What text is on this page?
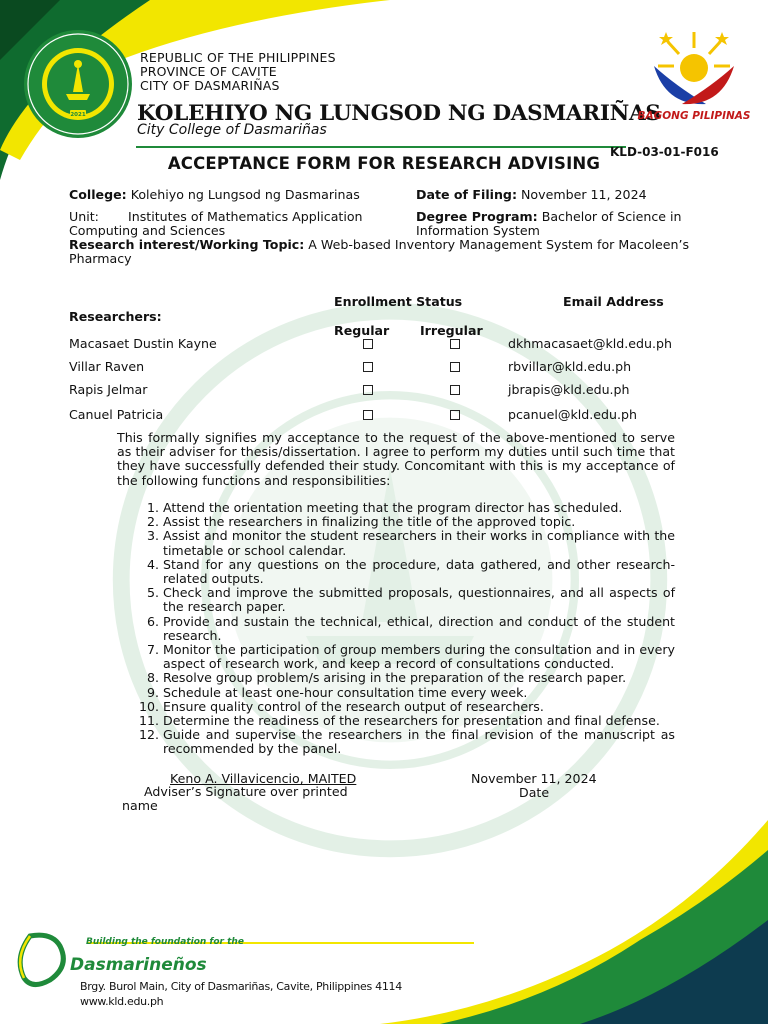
2021
REPUBLIC OF THE PHILIPPINES
PROVINCE OF CAVITE
CITY OF DASMARIÑAS
KOLEHIYO NG LUNGSOD NG DASMARIÑAS
City College of Dasmariñas
BAGONG PILIPINAS
KLD-03-01-F016
ACCEPTANCE FORM FOR RESEARCH ADVISING
College: Kolehiyo ng Lungsod ng Dasmarinas	Date of Filing: November 11, 2024
Unit:	Institutes of Mathematics Application Computing and Sciences
Degree Program: Bachelor of Science in Information System
Research interest/Working Topic: A Web-based Inventory Management System for Macoleen’s Pharmacy
Enrollment Status	Email Address
Researchers:
Regular Irregular
Macasaet Dustin Kayne	dkhmacasaet@kld.edu.ph
Villar Raven	rbvillar@kld.edu.ph
Rapis Jelmar	jbrapis@kld.edu.ph
Canuel Patricia	pcanuel@kld.edu.ph
This formally signifies my acceptance to the request of the above-mentioned to serve as their adviser for thesis/dissertation. I agree to perform my duties until such time that they have successfully defended their study. Concomitant with this is my acceptance of the following functions and responsibilities:
1. Attend the orientation meeting that the program director has scheduled.
2. Assist the researchers in finalizing the title of the approved topic.
3. Assist and monitor the student researchers in their works in compliance with the timetable or school calendar.
4. Stand for any questions on the procedure, data gathered, and other research-related outputs.
5. Check and improve the submitted proposals, questionnaires, and all aspects of the research paper.
6. Provide and sustain the technical, ethical, direction and conduct of the student research.
7. Monitor the participation of group members during the consultation and in every aspect of research work, and keep a record of consultations conducted.
8. Resolve group problem/s arising in the preparation of the research paper.
9. Schedule at least one-hour consultation time every week.
10. Ensure quality control of the research output of researchers.
11. Determine the readiness of the researchers for presentation and final defense.
12. Guide and supervise the researchers in the final revision of the manuscript as recommended by the panel.
Keno A. Villavicencio, MAITED
Adviser’s Signature over printed name
November 11, 2024
Date
Building the foundation for the
Dasmarineños
Brgy. Burol Main, City of Dasmariñas, Cavite, Philippines 4114
www.kld.edu.ph
